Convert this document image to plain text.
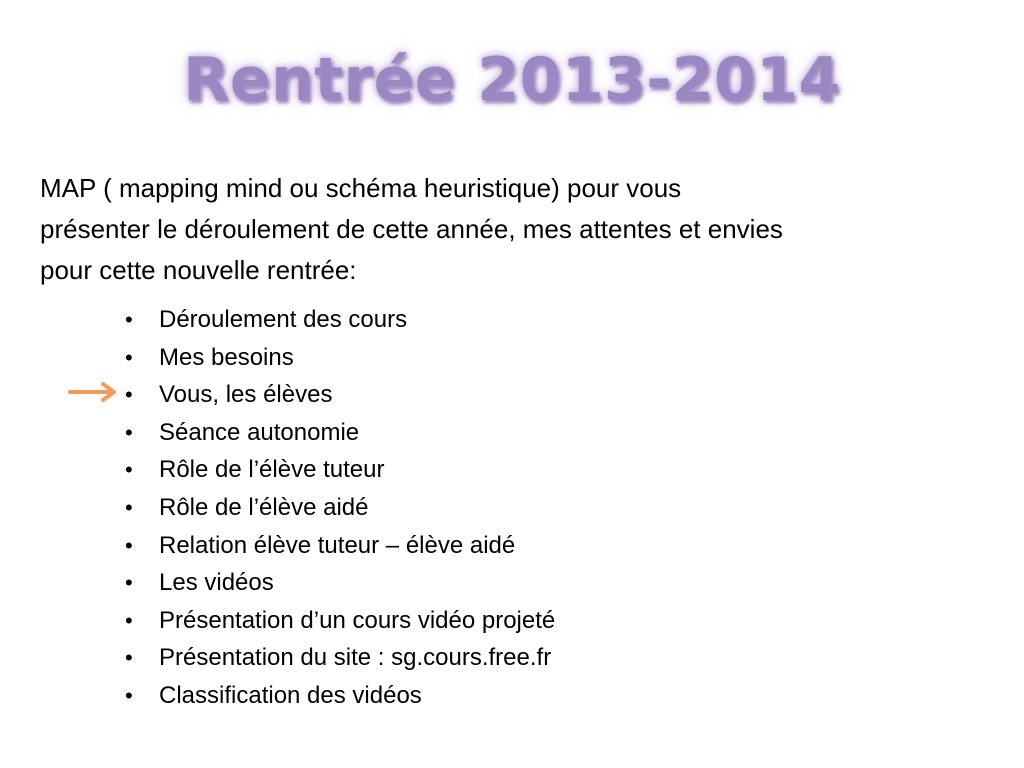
Rentrée 2013-2014

MAP ( mapping mind ou schéma heuristique) pour vous
présenter le déroulement de cette année, mes attentes et envies
pour cette nouvelle rentrée:

•	Déroulement des cours
•	Mes besoins
•	Vous, les élèves
•	Séance autonomie
•	Rôle de l’élève tuteur
•	Rôle de l’élève aidé
•	Relation élève tuteur – élève aidé
•	Les vidéos
•	Présentation d’un cours vidéo projeté
•	Présentation du site : sg.cours.free.fr
•	Classification des vidéos
